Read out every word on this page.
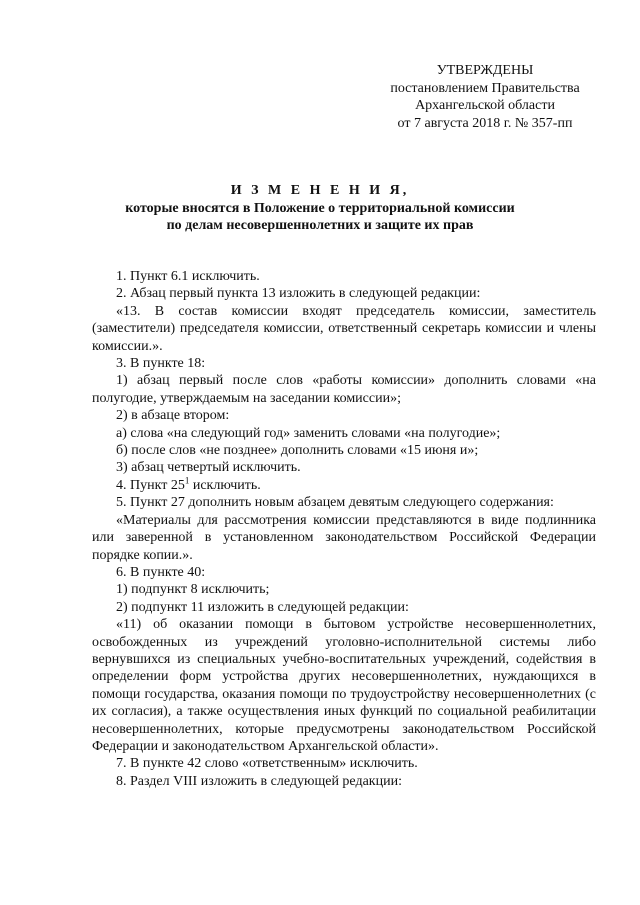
УТВЕРЖДЕНЫ
постановлением Правительства
Архангельской области
от 7 августа 2018 г. № 357-пп
И З М Е Н Е Н И Я,
которые вносятся в Положение о территориальной комиссии
по делам несовершеннолетних и защите их прав

1. Пункт 6.1 исключить.

2. Абзац первый пункта 13 изложить в следующей редакции:

«13. В состав комиссии входят председатель комиссии, заместитель (заместители) председателя комиссии, ответственный секретарь комиссии и члены комиссии.».

3. В пункте 18:

1) абзац первый после слов «работы комиссии» дополнить словами «на полугодие, утверждаемым на заседании комиссии»;

2) в абзаце втором:

а) слова «на следующий год» заменить словами «на полугодие»;

б) после слов «не позднее» дополнить словами «15 июня и»;

3) абзац четвертый исключить.

4. Пункт $25^1$ исключить.

5. Пункт 27 дополнить новым абзацем девятым следующего содержания:

«Материалы для рассмотрения комиссии представляются в виде подлинника или заверенной в установленном законодательством Российской Федерации порядке копии.».

6. В пункте 40:

1) подпункт 8 исключить;

2) подпункт 11 изложить в следующей редакции:

«11) об оказании помощи в бытовом устройстве несовершеннолетних, освобожденных из учреждений уголовно-исполнительной системы либо вернувшихся из специальных учебно-воспитательных учреждений, содействия в определении форм устройства других несовершеннолетних, нуждающихся в помощи государства, оказания помощи по трудоустройству несовершеннолетних (с их согласия), а также осуществления иных функций по социальной реабилитации несовершеннолетних, которые предусмотрены законодательством Российской Федерации и законодательством Архангельской области».

7. В пункте 42 слово «ответственным» исключить.

8. Раздел VIII изложить в следующей редакции:
